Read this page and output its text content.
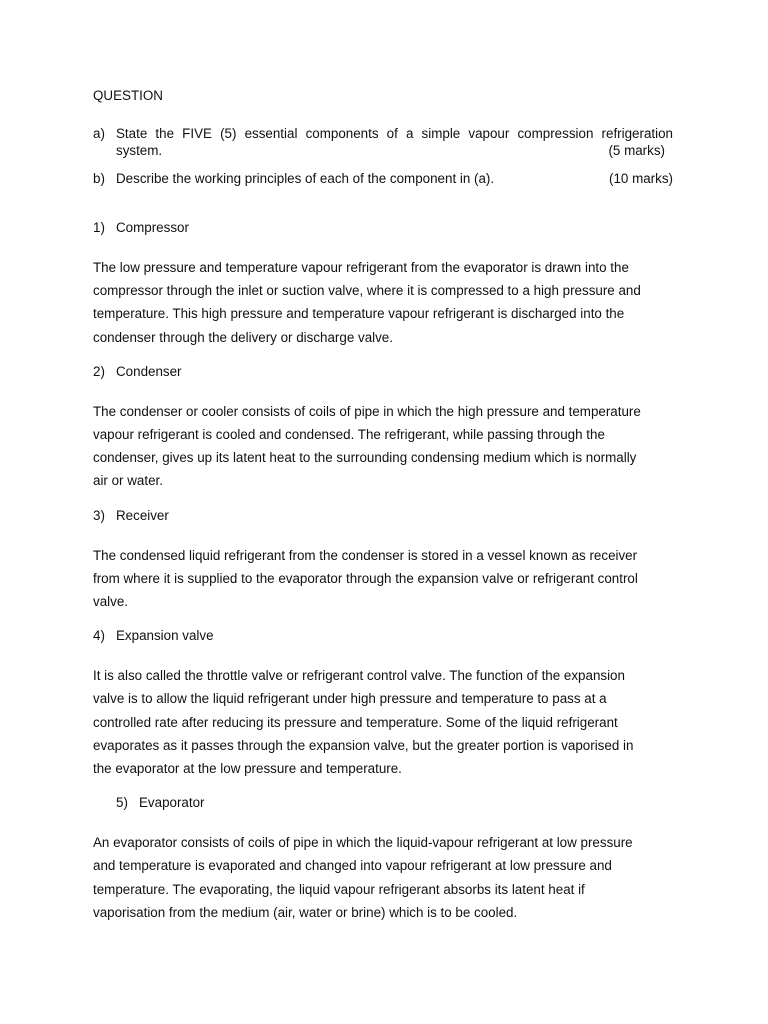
QUESTION
a) State the FIVE (5) essential components of a simple vapour compression refrigeration
system.	(5 marks)
b) Describe the working principles of each of the component in (a).	(10 marks)
1) Compressor
The low pressure and temperature vapour refrigerant from the evaporator is drawn into the
compressor through the inlet or suction valve, where it is compressed to a high pressure and
temperature. This high pressure and temperature vapour refrigerant is discharged into the
condenser through the delivery or discharge valve.
2) Condenser
The condenser or cooler consists of coils of pipe in which the high pressure and temperature
vapour refrigerant is cooled and condensed. The refrigerant, while passing through the
condenser, gives up its latent heat to the surrounding condensing medium which is normally
air or water.
3) Receiver
The condensed liquid refrigerant from the condenser is stored in a vessel known as receiver
from where it is supplied to the evaporator through the expansion valve or refrigerant control
valve.
4) Expansion valve
It is also called the throttle valve or refrigerant control valve. The function of the expansion
valve is to allow the liquid refrigerant under high pressure and temperature to pass at a
controlled rate after reducing its pressure and temperature. Some of the liquid refrigerant
evaporates as it passes through the expansion valve, but the greater portion is vaporised in
the evaporator at the low pressure and temperature.
5) Evaporator
An evaporator consists of coils of pipe in which the liquid-vapour refrigerant at low pressure
and temperature is evaporated and changed into vapour refrigerant at low pressure and
temperature. The evaporating, the liquid vapour refrigerant absorbs its latent heat if
vaporisation from the medium (air, water or brine) which is to be cooled.
